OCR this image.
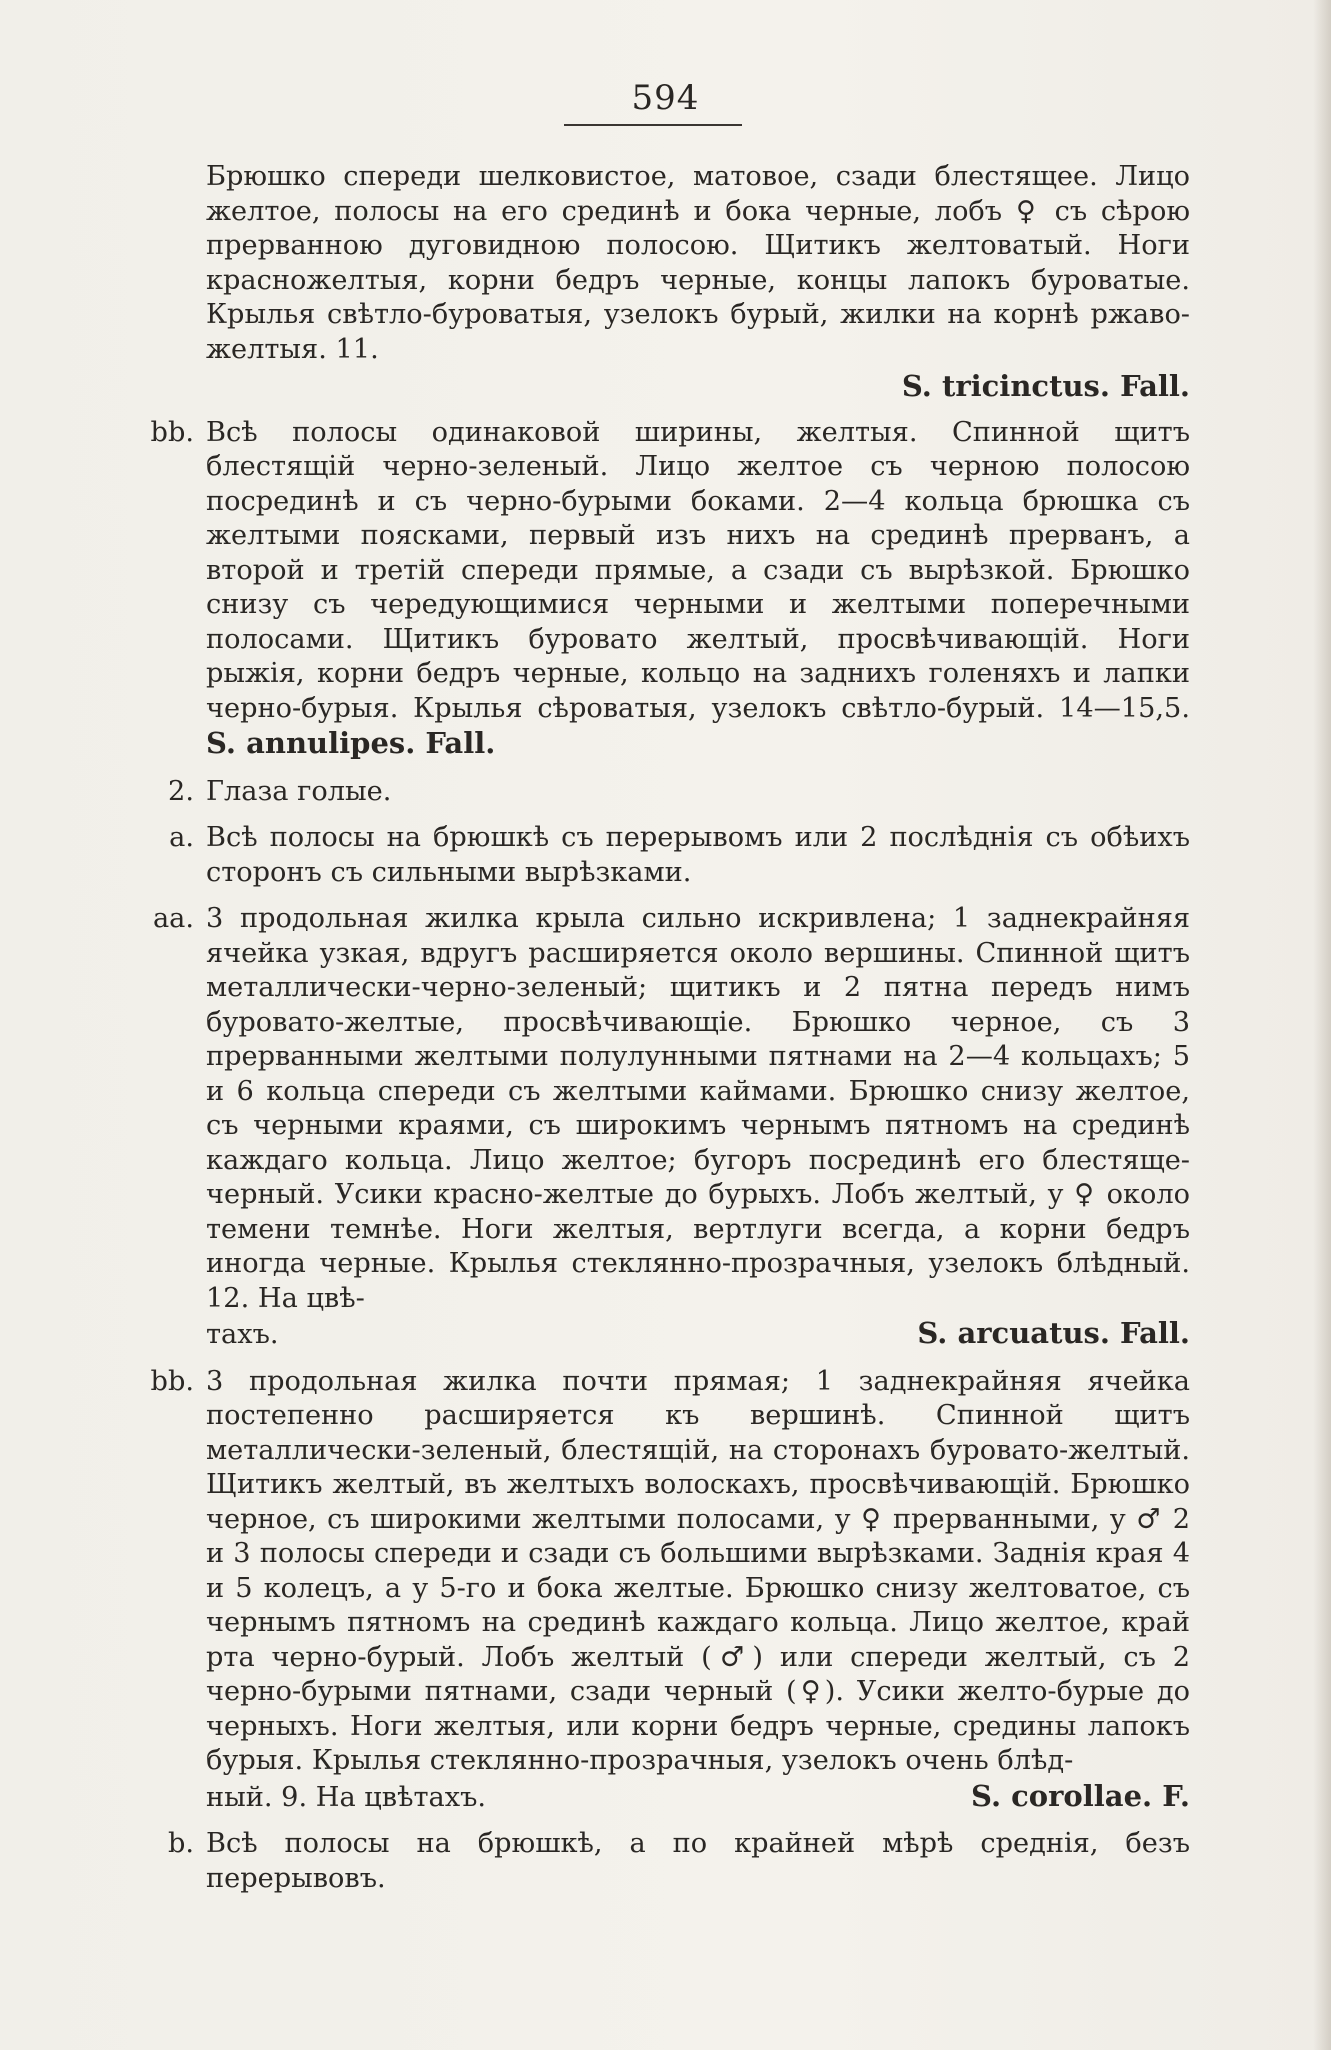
594
Брюшко спереди шелковистое, матовое, сзади блестящее. Лицо желтое, полосы на его срединѣ и бока черные, лобъ ♀ съ сѣрою прерванною дуговидною полосою. Щитикъ желтоватый. Ноги красножелтыя, корни бедръ черные, концы лапокъ буроватые. Крылья свѣтло-буроватыя, узелокъ бурый, жилки на корнѣ ржаво-желтыя. 11.
S. tricinctus. Fall.
bb. Всѣ полосы одинаковой ширины, желтыя. Спинной щитъ блестящій черно-зеленый. Лицо желтое съ черною полосою посрединѣ и съ черно-бурыми боками. 2—4 кольца брюшка съ желтыми поясками, первый изъ нихъ на срединѣ прерванъ, а второй и третій спереди прямые, а сзади съ вырѣзкой. Брюшко снизу съ чередующимися черными и желтыми поперечными полосами. Щитикъ буровато желтый, просвѣчивающій. Ноги рыжія, корни бедръ черные, кольцо на заднихъ голеняхъ и лапки черно-бурыя. Крылья сѣроватыя, узелокъ свѣтло-бурый. 14—15,5. S. annulipes. Fall.
2. Глаза голые.
a. Всѣ полосы на брюшкѣ съ перерывомъ или 2 послѣднія съ обѣихъ сторонъ съ сильными вырѣзками.
aa. 3 продольная жилка крыла сильно искривлена; 1 заднекрайняя ячейка узкая, вдругъ расширяется около вершины. Спинной щитъ металлически-черно-зеленый; щитикъ и 2 пятна передъ нимъ буровато-желтые, просвѣчивающіе. Брюшко черное, съ 3 прерванными желтыми полулунными пятнами на 2—4 кольцахъ; 5 и 6 кольца спереди съ желтыми каймами. Брюшко снизу желтое, съ черными краями, съ широкимъ чернымъ пятномъ на срединѣ каждаго кольца. Лицо желтое; бугоръ посрединѣ его блестяще-черный. Усики красно-желтые до бурыхъ. Лобъ желтый, у ♀ около темени темнѣе. Ноги желтыя, вертлуги всегда, а корни бедръ иногда черные. Крылья стеклянно-прозрачныя, узелокъ блѣдный. 12. На цвѣ-
тахъ.	S. arcuatus. Fall.
bb. 3 продольная жилка почти прямая; 1 заднекрайняя ячейка постепенно расширяется къ вершинѣ. Спинной щитъ металлически-зеленый, блестящій, на сторонахъ буровато-желтый. Щитикъ желтый, въ желтыхъ волоскахъ, просвѣчивающій. Брюшко черное, съ широкими желтыми полосами, у ♀ прерванными, у ♂ 2 и 3 полосы спереди и сзади съ большими вырѣзками. Заднія края 4 и 5 колецъ, а у 5-го и бока желтые. Брюшко снизу желтоватое, съ чернымъ пятномъ на срединѣ каждаго кольца. Лицо желтое, край рта черно-бурый. Лобъ желтый (♂) или спереди желтый, съ 2 черно-бурыми пятнами, сзади черный (♀). Усики желто-бурые до черныхъ. Ноги желтыя, или корни бедръ черные, средины лапокъ бурыя. Крылья стеклянно-прозрачныя, узелокъ очень блѣд-
ный. 9. На цвѣтахъ.	S. corollae. F.
b. Всѣ полосы на брюшкѣ, а по крайней мѣрѣ среднія, безъ перерывовъ.
